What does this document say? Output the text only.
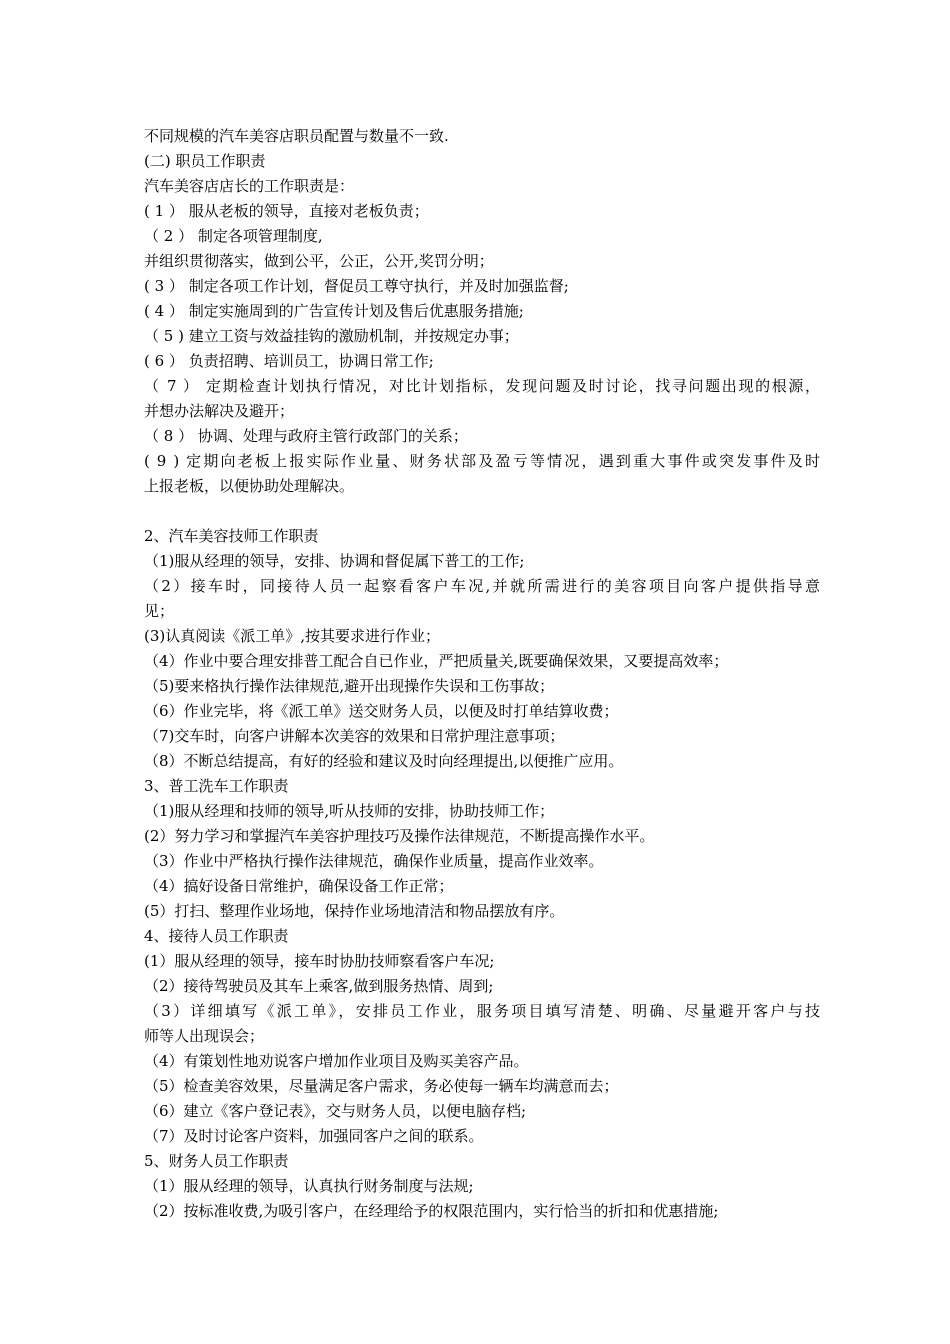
不同规模的汽车美容店职员配置与数量不一致.
(二) 职员工作职责
汽车美容店店长的工作职责是：
( 1 ） 服从老板的领导，直接对老板负责；
（ 2 ） 制定各项管理制度,
并组织贯彻落实，做到公平，公正，公开,奖罚分明；
( 3 ） 制定各项工作计划，督促员工尊守执行，并及时加强监督;
( 4 ） 制定实施周到的广告宣传计划及售后优惠服务措施;
（ 5 ) 建立工资与效益挂钩的激励机制，并按规定办事；
( 6 ） 负责招聘、培训员工，协调日常工作;
（ 7 ） 定期检查计划执行情况，对比计划指标，发现问题及时讨论，找寻问题出现的根源，
并想办法解决及避开；
（ 8 ） 协调、处理与政府主管行政部门的关系；
( 9 ) 定期向老板上报实际作业量、财务状部及盈亏等情况，遇到重大事件或突发事件及时
上报老板，以便协助处理解决。
2、汽车美容技师工作职责
（1)服从经理的领导，安排、协调和督促属下普工的工作;
（2）接车时，同接待人员一起察看客户车况,并就所需进行的美容项目向客户提供指导意
见；
(3)认真阅读《派工单》,按其要求进行作业；
（4）作业中要合理安排普工配合自已作业，严把质量关,既要确保效果，又要提高效率；
（5)要来格执行操作法律规范,避开出现操作失误和工伤事故；
（6）作业完毕，将《派工单》送交财务人员，以便及时打单结算收费；
（7)交车时，向客户讲解本次美容的效果和日常护理注意事项；
（8）不断总结提高，有好的经验和建议及时向经理提出,以便推广应用。
3、普工洗车工作职责
（1)服从经理和技师的领导,听从技师的安排，协助技师工作；
(2）努力学习和掌握汽车美容护理技巧及操作法律规范，不断提高操作水平。
（3）作业中严格执行操作法律规范，确保作业质量，提高作业效率。
（4）搞好设备日常维护，确保设备工作正常；
(5）打扫、整理作业场地，保持作业场地清洁和物品摆放有序。
4、接待人员工作职责
(1）服从经理的领导，接车时协肋技师察看客户车况;
（2）接待驾驶员及其车上乘客,做到服务热情、周到;
（3）详细填写《派工单》，安排员工作业，服务项目填写清楚、明确、尽量避开客户与技
师等人出现误会；
（4）有策划性地劝说客户增加作业项目及购买美容产品。
（5）检查美容效果，尽量满足客户需求，务必使每一辆车均满意而去；
（6）建立《客户登记表》，交与财务人员，以便电脑存档;
（7）及时讨论客户资料，加强同客户之间的联系。
5、财务人员工作职责
（1）服从经理的领导，认真执行财务制度与法规;
（2）按标准收费,为吸引客户，在经理给予的权限范围内，实行恰当的折扣和优惠措施;
